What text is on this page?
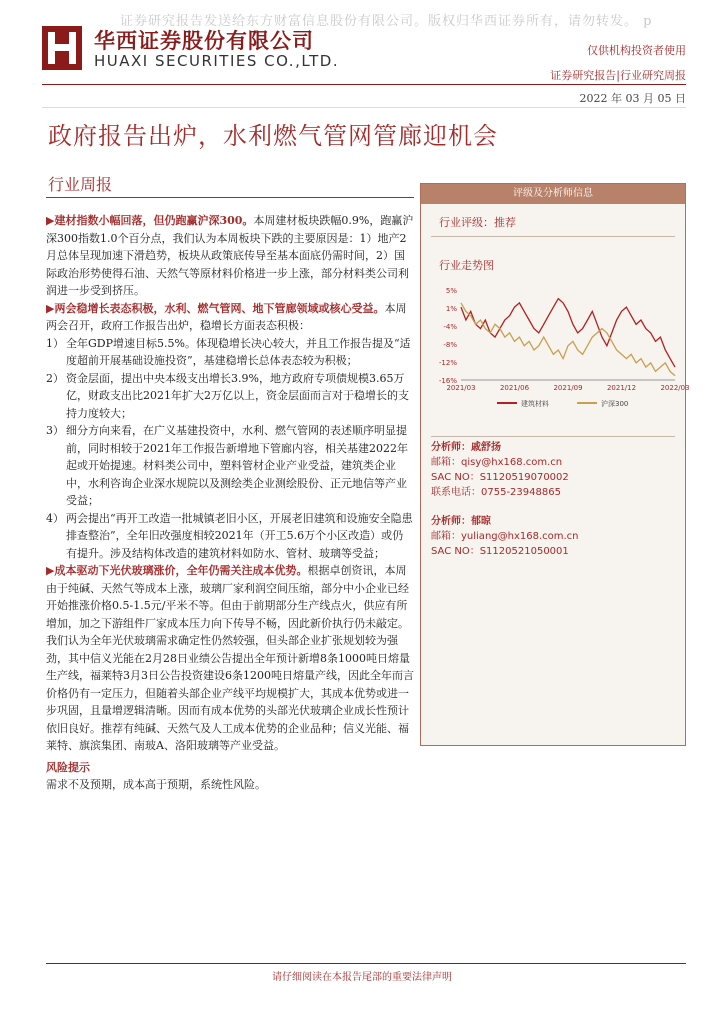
证券研究报告发送给东方财富信息股份有限公司。版权归华西证券所有，请勿转发。 p
华西证券股份有限公司
HUAXI SECURITIES CO.,LTD.
仅供机构投资者使用
证券研究报告|行业研究周报
2022 年 03 月 05 日
政府报告出炉，水利燃气管网管廊迎机会
行业周报

▶建材指数小幅回落，但仍跑赢沪深300。本周建材板块跌幅0.9%，跑赢沪深300指数1.0个百分点，我们认为本周板块下跌的主要原因是：1）地产2月总体呈现加速下滑趋势，板块从政策底传导至基本面底仍需时间，2）国际政治形势使得石油、天然气等原材料价格进一步上涨，部分材料类公司利润进一步受到挤压。

▶两会稳增长表态积极，水利、燃气管网、地下管廊领域或核心受益。本周两会召开，政府工作报告出炉，稳增长方面表态积极：

1） 全年GDP增速目标5.5%。体现稳增长决心较大，并且工作报告提及“适度超前开展基础设施投资”，基建稳增长总体表态较为积极；
2） 资金层面，提出中央本级支出增长3.9%，地方政府专项债规模3.65万亿，财政支出比2021年扩大2万亿以上，资金层面而言对于稳增长的支持力度较大；
3） 细分方向来看，在广义基建投资中，水利、燃气管网的表述顺序明显提前，同时相较于2021年工作报告新增地下管廊内容，相关基建2022年起或开始提速。材料类公司中，塑料管材企业产业受益，建筑类企业中，水利咨询企业深水规院以及测绘类企业测绘股份、正元地信等产业受益；
4） 两会提出“再开工改造一批城镇老旧小区，开展老旧建筑和设施安全隐患排查整治”，全年旧改强度相较2021年（开工5.6万个小区改造）或仍有提升。涉及结构体改造的建筑材料如防水、管材、玻璃等受益；

▶成本驱动下光伏玻璃涨价，全年仍需关注成本优势。根据卓创资讯，本周由于纯碱、天然气等成本上涨，玻璃厂家利润空间压缩，部分中小企业已经开始推涨价格0.5-1.5元/平米不等。但由于前期部分生产线点火，供应有所增加，加之下游组件厂家成本压力向下传导不畅，因此新价执行仍未敲定。我们认为全年光伏玻璃需求确定性仍然较强，但头部企业扩张规划较为强劲，其中信义光能在2月28日业绩公告提出全年预计新增8条1000吨日熔量生产线，福莱特3月3日公告投资建设6条1200吨日熔量产线，因此全年而言价格仍有一定压力，但随着头部企业产线平均规模扩大，其成本优势或进一步巩固，且量增逻辑清晰。因而有成本优势的头部光伏玻璃企业成长性预计依旧良好。推荐有纯碱、天然气及人工成本优势的企业品种；信义光能、福莱特、旗滨集团、南玻A、洛阳玻璃等产业受益。

风险提示

需求不及预期，成本高于预期，系统性风险。

评级及分析师信息
行业评级：推荐
行业走势图
5%
1%
-4%
-8%
-12%
-16%
2021/03	2021/06	2021/09	2021/12	2022/03
建筑材料	沪深300
分析师：戚舒扬
邮箱：qisy@hx168.com.cn
SAC NO：S1120519070002
联系电话：0755-23948865
分析师：郁晾
邮箱：yuliang@hx168.com.cn
SAC NO：S1120521050001
请仔细阅读在本报告尾部的重要法律声明
